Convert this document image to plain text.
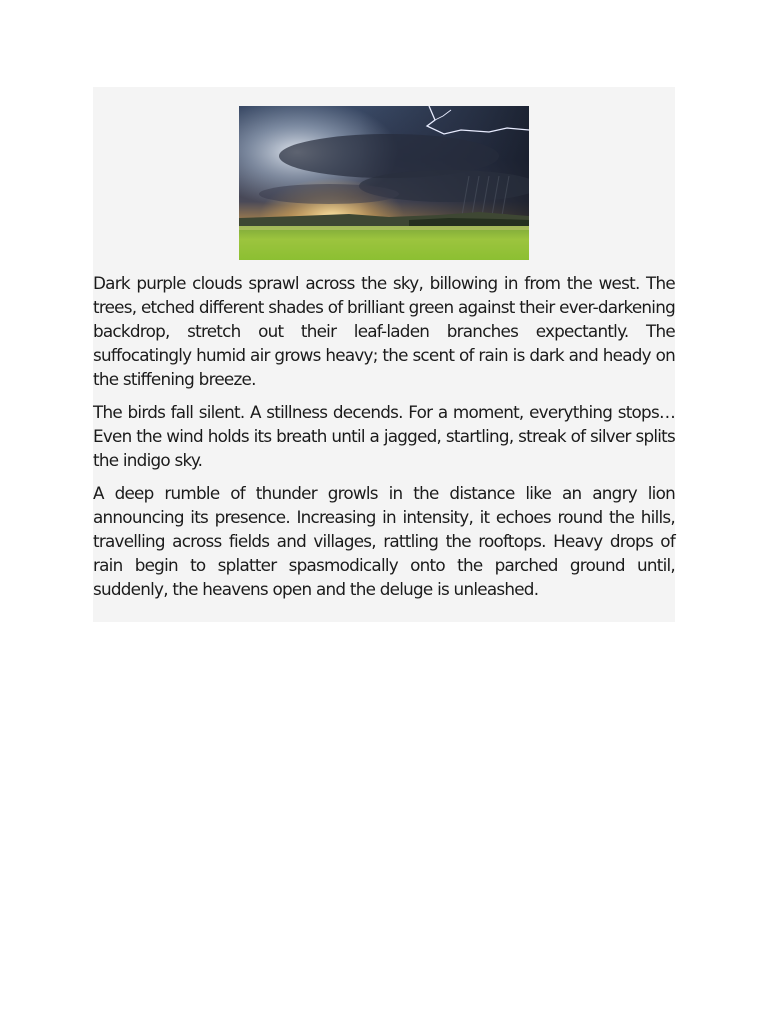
Dark purple clouds sprawl across the sky, billowing in from the west. The trees, etched different shades of brilliant green against their ever-darkening backdrop, stretch out their leaf-laden branches expectantly. The suffocatingly humid air grows heavy; the scent of rain is dark and heady on the stiffening breeze.

The birds fall silent. A stillness decends. For a moment, everything stops… Even the wind holds its breath until a jagged, startling, streak of silver splits the indigo sky.

A deep rumble of thunder growls in the distance like an angry lion announcing its presence. Increasing in intensity, it echoes round the hills, travelling across fields and villages, rattling the rooftops. Heavy drops of rain begin to splatter spasmodically onto the parched ground until, suddenly, the heavens open and the deluge is unleashed.
